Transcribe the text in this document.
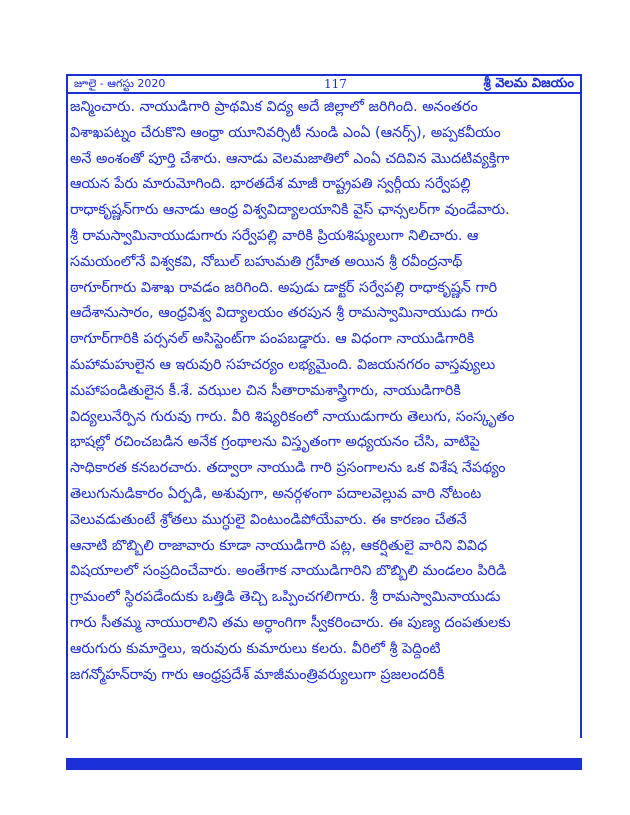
జూలై - ఆగస్టు 2020	117	శ్రీ వెలమ విజయం
జన్మించారు. నాయుడిగారి ప్రాథమిక విద్య అదే జిల్లాలో జరిగింది. అనంతరం
విశాఖపట్నం చేరుకొని ఆంధ్రా యూనివర్సిటీ నుండి ఎంఏ (ఆనర్స్), అప్పకవీయం
అనే అంశంతో పూర్తి చేశారు. ఆనాడు వెలమజాతిలో ఎంఏ చదివిన మొదటివ్యక్తిగా
ఆయన పేరు మారుమోగింది. భారతదేశ మాజీ రాష్ట్రపతి స్వర్గీయ సర్వేపల్లి
రాధాకృష్ణన్‌గారు ఆనాడు ఆంధ్ర విశ్వవిద్యాలయానికి వైస్ ఛాన్సలర్‌గా వుండేవారు.
శ్రీ రామస్వామినాయుడుగారు సర్వేపల్లి వారికి ప్రియశిష్యులుగా నిలిచారు. ఆ
సమయంలోనే విశ్వకవి, నోబుల్ బహుమతి గ్రహీత అయిన శ్రీ రవీంద్రనాథ్
ఠాగూర్‌గారు విశాఖ రావడం జరిగింది. అపుడు డాక్టర్ సర్వేపల్లి రాధాకృష్ణన్ గారి
ఆదేశానుసారం, ఆంధ్రవిశ్వ విద్యాలయం తరపున శ్రీ రామస్వామినాయుడు గారు
ఠాగూర్‌గారికి పర్సనల్ అసిస్టెంట్‌గా పంపబడ్డారు. ఆ విధంగా నాయుడిగారికి
మహామహులైన ఆ ఇరువురి సహచర్యం లభ్యమైంది. విజయనగరం వాస్తవ్యులు
మహాపండితులైన కీ.శే. వఝుల చిన సీతారామశాస్త్రిగారు, నాయుడిగారికి
విద్యలునేర్పిన గురువు గారు. వీరి శిష్యరికంలో నాయుడుగారు తెలుగు, సంస్కృతం
భాషల్లో రచించబడిన అనేక గ్రంథాలను విస్తృతంగా అధ్యయనం చేసి, వాటిపై
సాధికారత కనబరచారు. తద్వారా నాయుడి గారి ప్రసంగాలను ఒక విశేష నేపథ్యం
తెలుగునుడికారం ఏర్పడి, అశువుగా, అనర్గళంగా పదాలవెల్లువ వారి నోటంట
వెలువడుతుంటే శ్రోతలు ముగ్ధులై వింటుండిపోయేవారు. ఈ కారణం చేతనే
ఆనాటి బొబ్బిలి రాజావారు కూడా నాయుడిగారి పట్ల, ఆకర్షితులై వారిని వివిధ
విషయాలలో సంప్రదించేవారు. అంతేగాక నాయుడిగారిని బొబ్బిలి మండలం పిరిడి
గ్రామంలో స్థిరపడేందుకు ఒత్తిడి తెచ్చి ఒప్పించగలిగారు. శ్రీ రామస్వామినాయుడు
గారు సీతమ్మ నాయురాలిని తమ అర్ధాంగిగా స్వీకరించారు. ఈ పుణ్య దంపతులకు
ఆరుగురు కుమార్తెలు, ఇరువురు కుమారులు కలరు. వీరిలో శ్రీ పెద్దింటి
జగన్మోహన్‌రావు గారు ఆంధ్రప్రదేశ్ మాజీమంత్రివర్యులుగా ప్రజలందరికీ
